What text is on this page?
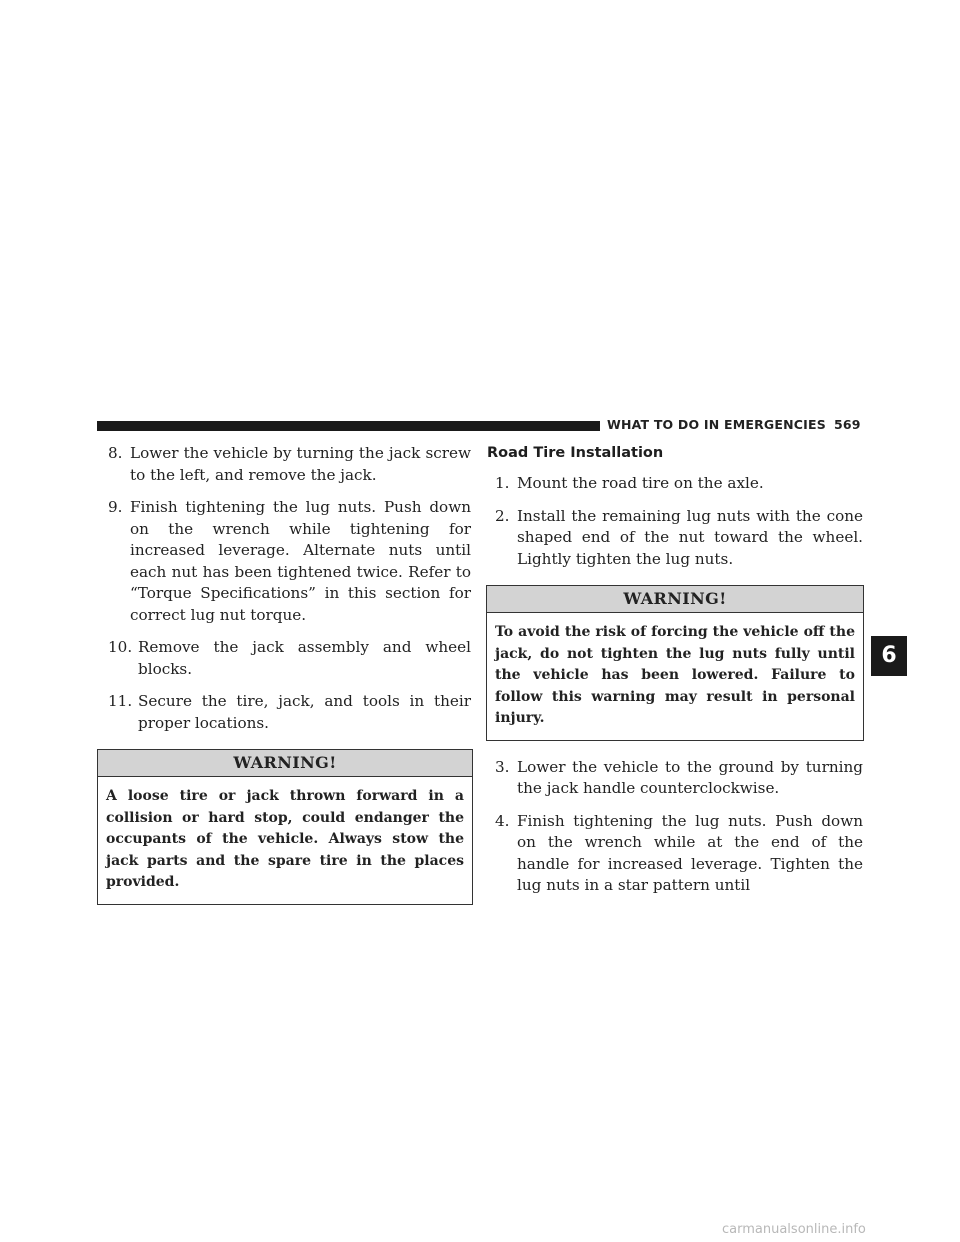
WHAT TO DO IN EMERGENCIES 569
8. Lower the vehicle by turning the jack screw to the left, and remove the jack.
9. Finish tightening the lug nuts. Push down on the wrench while tightening for increased leverage. Alternate nuts until each nut has been tightened twice. Refer to “Torque Specifications” in this section for correct lug nut torque.
10. Remove the jack assembly and wheel blocks.
11. Secure the tire, jack, and tools in their proper locations.
WARNING!
A loose tire or jack thrown forward in a collision or hard stop, could endanger the occupants of the vehicle. Always stow the jack parts and the spare tire in the places provided.
Road Tire Installation
1. Mount the road tire on the axle.
2. Install the remaining lug nuts with the cone shaped end of the nut toward the wheel. Lightly tighten the lug nuts.
WARNING!
To avoid the risk of forcing the vehicle off the jack, do not tighten the lug nuts fully until the vehicle has been lowered. Failure to follow this warning may result in personal injury.
3. Lower the vehicle to the ground by turning the jack handle counterclockwise.
4. Finish tightening the lug nuts. Push down on the wrench while at the end of the handle for increased leverage. Tighten the lug nuts in a star pattern until
6
carmanualsonline.info
